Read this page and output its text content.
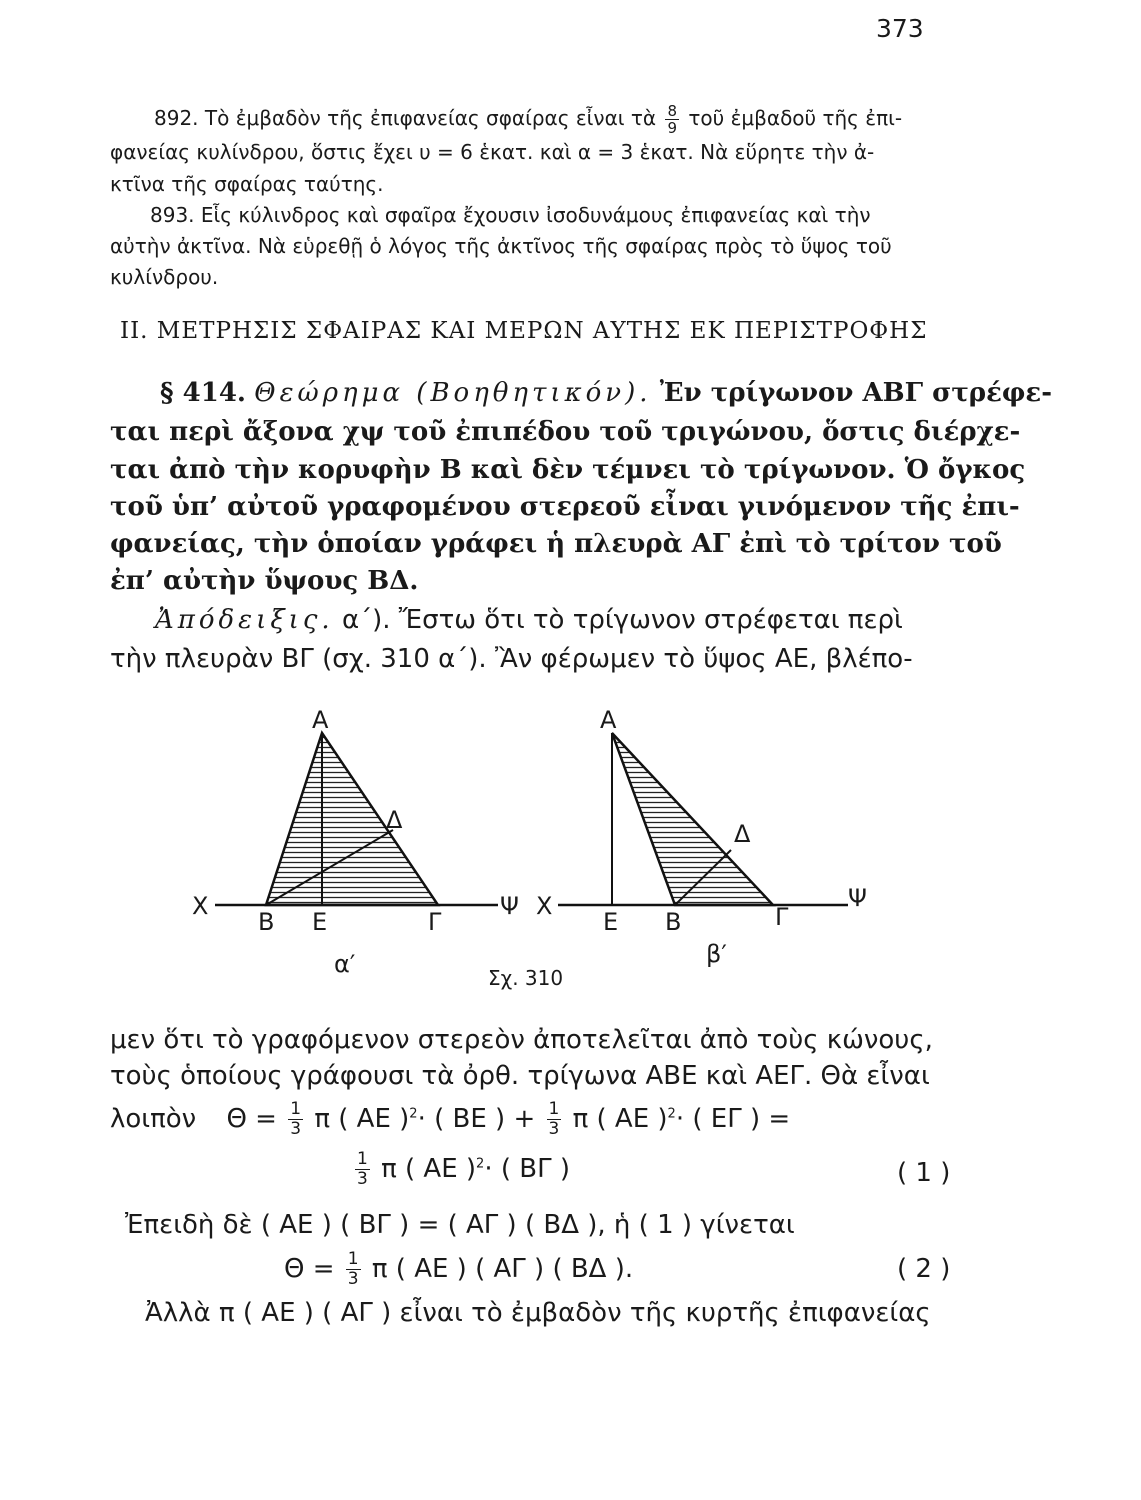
373
892. Τὸ ἐμβαδὸν τῆς ἐπιφανείας σφαίρας εἶναι τὰ $\frac{8}{9}$ τοῦ ἐμβαδοῦ τῆς ἐπι-
φανείας κυλίνδρου, ὅστις ἔχει υ = 6 ἑκατ. καὶ α = 3 ἑκατ. Νὰ εὕρητε τὴν ἀ-
κτῖνα τῆς σφαίρας ταύτης.
893. Εἷς κύλινδρος καὶ σφαῖρα ἔχουσιν ἰσοδυνάμους ἐπιφανείας καὶ τὴν
αὐτὴν ἀκτῖνα. Νὰ εὑρεθῇ ὁ λόγος τῆς ἀκτῖνος τῆς σφαίρας πρὸς τὸ ὕψος τοῦ
κυλίνδρου.
II. ΜΕΤΡΗΣΙΣ ΣΦΑΙΡΑΣ ΚΑΙ ΜΕΡΩΝ ΑΥΤΗΣ ΕΚ ΠΕΡΙΣΤΡΟΦΗΣ
§ 414. Θεώρημα (Βοηθητικόν). Ἐν τρίγωνον ΑΒΓ στρέφε-
ται περὶ ἄξονα χψ τοῦ ἐπιπέδου τοῦ τριγώνου, ὅστις διέρχε-
ται ἀπὸ τὴν κορυφὴν Β καὶ δὲν τέμνει τὸ τρίγωνον. Ὁ ὄγκος
τοῦ ὑπ’ αὐτοῦ γραφομένου στερεοῦ εἶναι γινόμενον τῆς ἐπι-
φανείας, τὴν ὁποίαν γράφει ἡ πλευρὰ ΑΓ ἐπὶ τὸ τρίτον τοῦ
ἐπ’ αὐτὴν ὕψους ΒΔ.
Ἀπόδειξις. α΄). Ἔστω ὅτι τὸ τρίγωνον στρέφεται περὶ
τὴν πλευρὰν ΒΓ (σχ. 310 α΄). Ἂν φέρωμεν τὸ ὕψος ΑΕ, βλέπο-
Α
Δ
Χ
Β Ε	Γ
Ψ
α′
Α
Δ
Χ
Ε Β	Γ
Ψ
β′
Σχ. 310
μεν ὅτι τὸ γραφόμενον στερεὸν ἀποτελεῖται ἀπὸ τοὺς κώνους,
τοὺς ὁποίους γράφουσι τὰ ὀρθ. τρίγωνα ΑΒΕ καὶ ΑΕΓ. Θὰ εἶναι
λοιπὸν $\Theta = \frac{1}{3}$ π ( ΑΕ )$^2$· ( ΒΕ ) + $\frac{1}{3}$ π ( ΑΕ )$^2$· ( ΕΓ ) =
$\frac{1}{3}$ π ( ΑΕ )$^2$· ( ΒΓ )	( 1 )
Ἐπειδὴ δὲ ( ΑΕ ) ( ΒΓ ) = ( ΑΓ ) ( ΒΔ ), ἡ ( 1 ) γίνεται
$\Theta = \frac{1}{3}$ π ( ΑΕ ) ( ΑΓ ) ( ΒΔ ).	( 2 )
Ἀλλὰ π ( ΑΕ ) ( ΑΓ ) εἶναι τὸ ἐμβαδὸν τῆς κυρτῆς ἐπιφανείας
